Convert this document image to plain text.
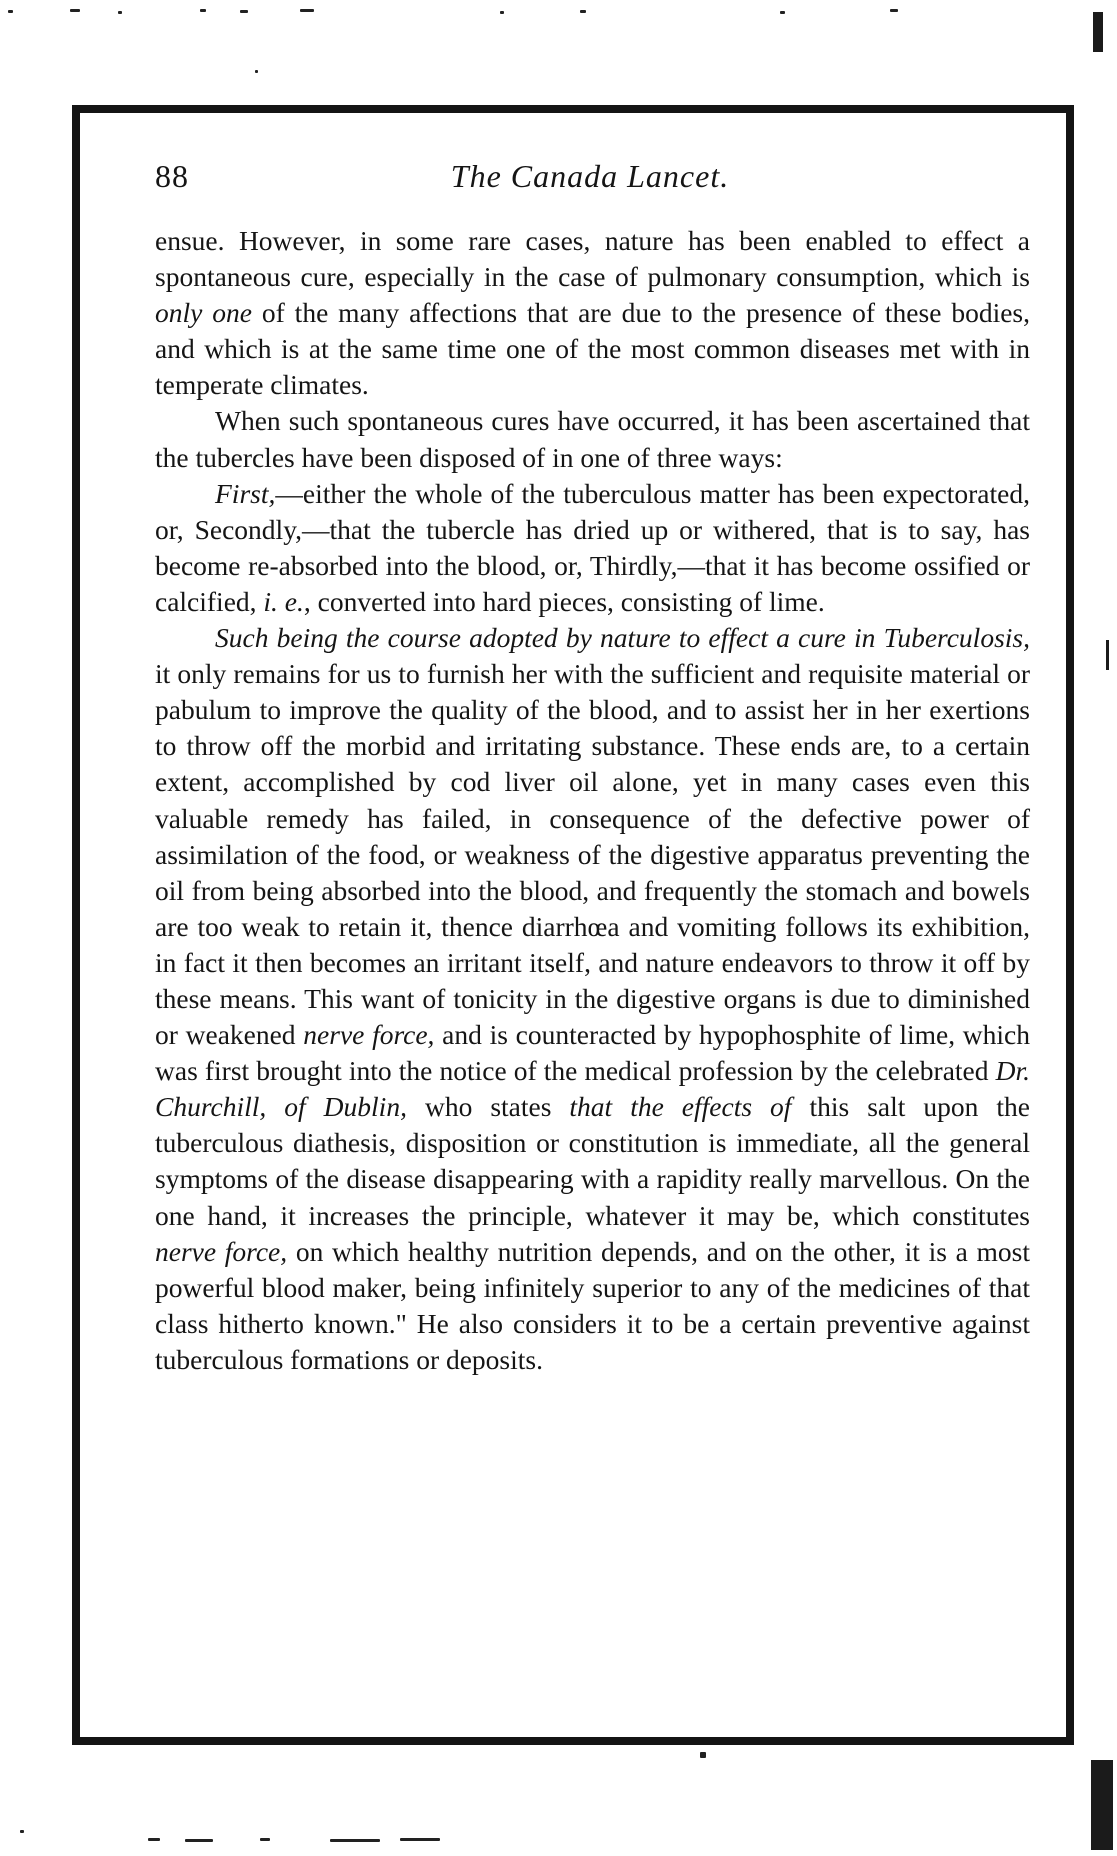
88	The Canada Lancet.

ensue. However, in some rare cases, nature has been enabled to effect a spontaneous cure, especially in the case of pulmonary consumption, which is only one of the many affections that are due to the presence of these bodies, and which is at the same time one of the most common diseases met with in temperate climates.

When such spontaneous cures have occurred, it has been ascertained that the tubercles have been disposed of in one of three ways:

First,—either the whole of the tuberculous matter has been expectorated, or, Secondly,—that the tubercle has dried up or withered, that is to say, has become re-absorbed into the blood, or, Thirdly,—that it has become ossified or calcified, i. e., converted into hard pieces, consisting of lime.

Such being the course adopted by nature to effect a cure in Tuberculosis, it only remains for us to furnish her with the sufficient and requisite material or pabulum to improve the quality of the blood, and to assist her in her exertions to throw off the morbid and irritating substance. These ends are, to a certain extent, accomplished by cod liver oil alone, yet in many cases even this valuable remedy has failed, in consequence of the defective power of assimilation of the food, or weakness of the digestive apparatus preventing the oil from being absorbed into the blood, and frequently the stomach and bowels are too weak to retain it, thence diarrhœa and vomiting follows its exhibition, in fact it then becomes an irritant itself, and nature endeavors to throw it off by these means. This want of tonicity in the digestive organs is due to diminished or weakened nerve force, and is counteracted by hypophosphite of lime, which was first brought into the notice of the medical profession by the celebrated Dr. Churchill, of Dublin, who states that the effects of this salt upon the tuberculous diathesis, disposition or constitution is immediate, all the general symptoms of the disease disappearing with a rapidity really marvellous. On the one hand, it increases the principle, whatever it may be, which constitutes nerve force, on which healthy nutrition depends, and on the other, it is a most powerful blood maker, being infinitely superior to any of the medicines of that class hitherto known." He also considers it to be a certain preventive against tuberculous formations or deposits.
